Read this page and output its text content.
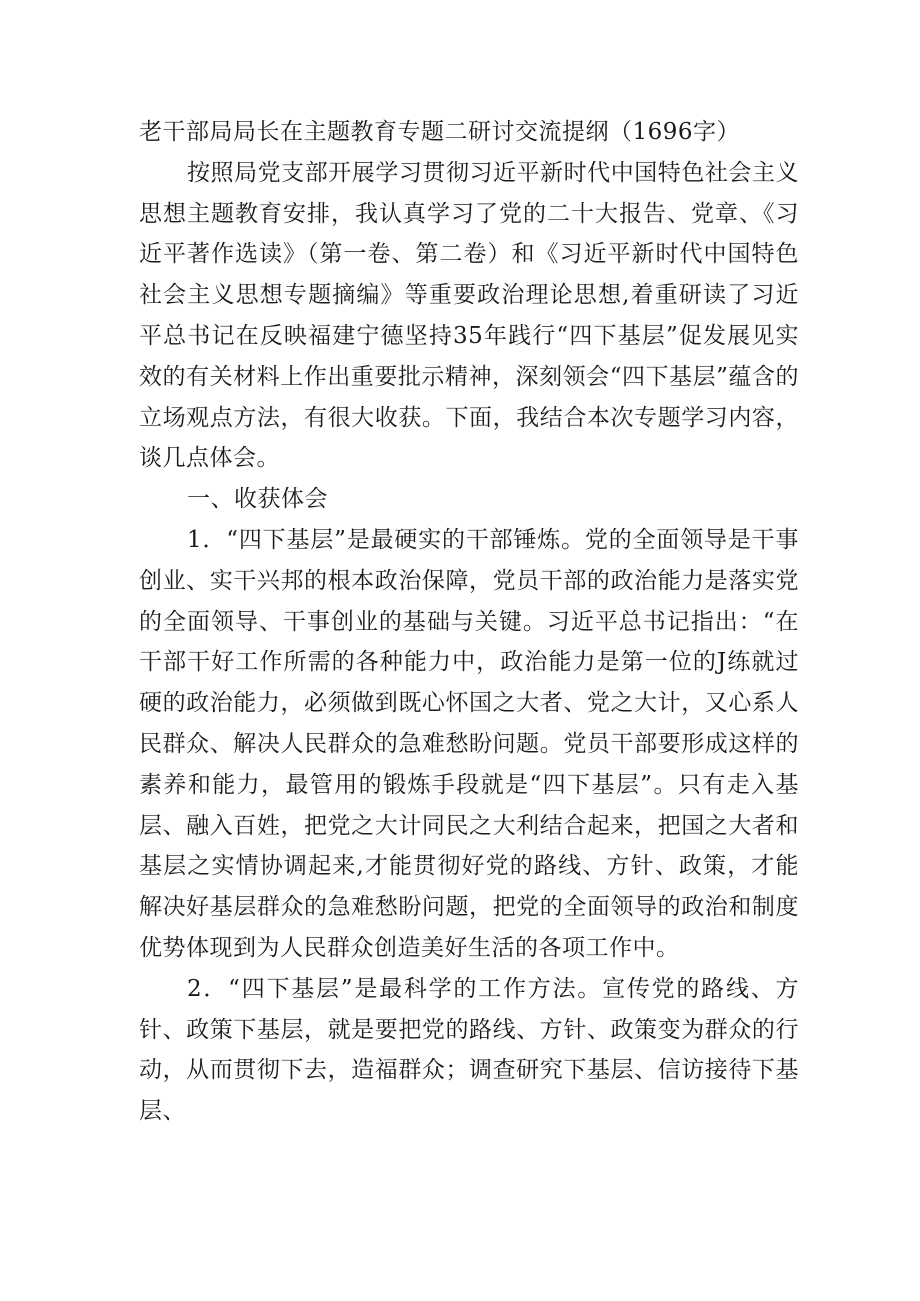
老干部局局长在主题教育专题二研讨交流提纲（1696字）

按照局党支部开展学习贯彻习近平新时代中国特色社会主义思想主题教育安排，我认真学习了党的二十大报告、党章、《习近平著作选读》（第一卷、第二卷）和《习近平新时代中国特色社会主义思想专题摘编》等重要政治理论思想,着重研读了习近平总书记在反映福建宁德坚持35年践行“四下基层”促发展见实效的有关材料上作出重要批示精神，深刻领会“四下基层”蕴含的立场观点方法，有很大收获。下面，我结合本次专题学习内容，谈几点体会。

一、收获体会

1．“四下基层”是最硬实的干部锤炼。党的全面领导是干事创业、实干兴邦的根本政治保障，党员干部的政治能力是落实党的全面领导、干事创业的基础与关键。习近平总书记指出：“在干部干好工作所需的各种能力中，政治能力是第一位的J练就过硬的政治能力，必须做到既心怀国之大者、党之大计，又心系人民群众、解决人民群众的急难愁盼问题。党员干部要形成这样的素养和能力，最管用的锻炼手段就是“四下基层”。只有走入基层、融入百姓，把党之大计同民之大利结合起来，把国之大者和基层之实情协调起来,才能贯彻好党的路线、方针、政策，才能解决好基层群众的急难愁盼问题，把党的全面领导的政治和制度优势体现到为人民群众创造美好生活的各项工作中。

2．“四下基层”是最科学的工作方法。宣传党的路线、方针、政策下基层，就是要把党的路线、方针、政策变为群众的行动，从而贯彻下去，造福群众；调查研究下基层、信访接待下基层、
